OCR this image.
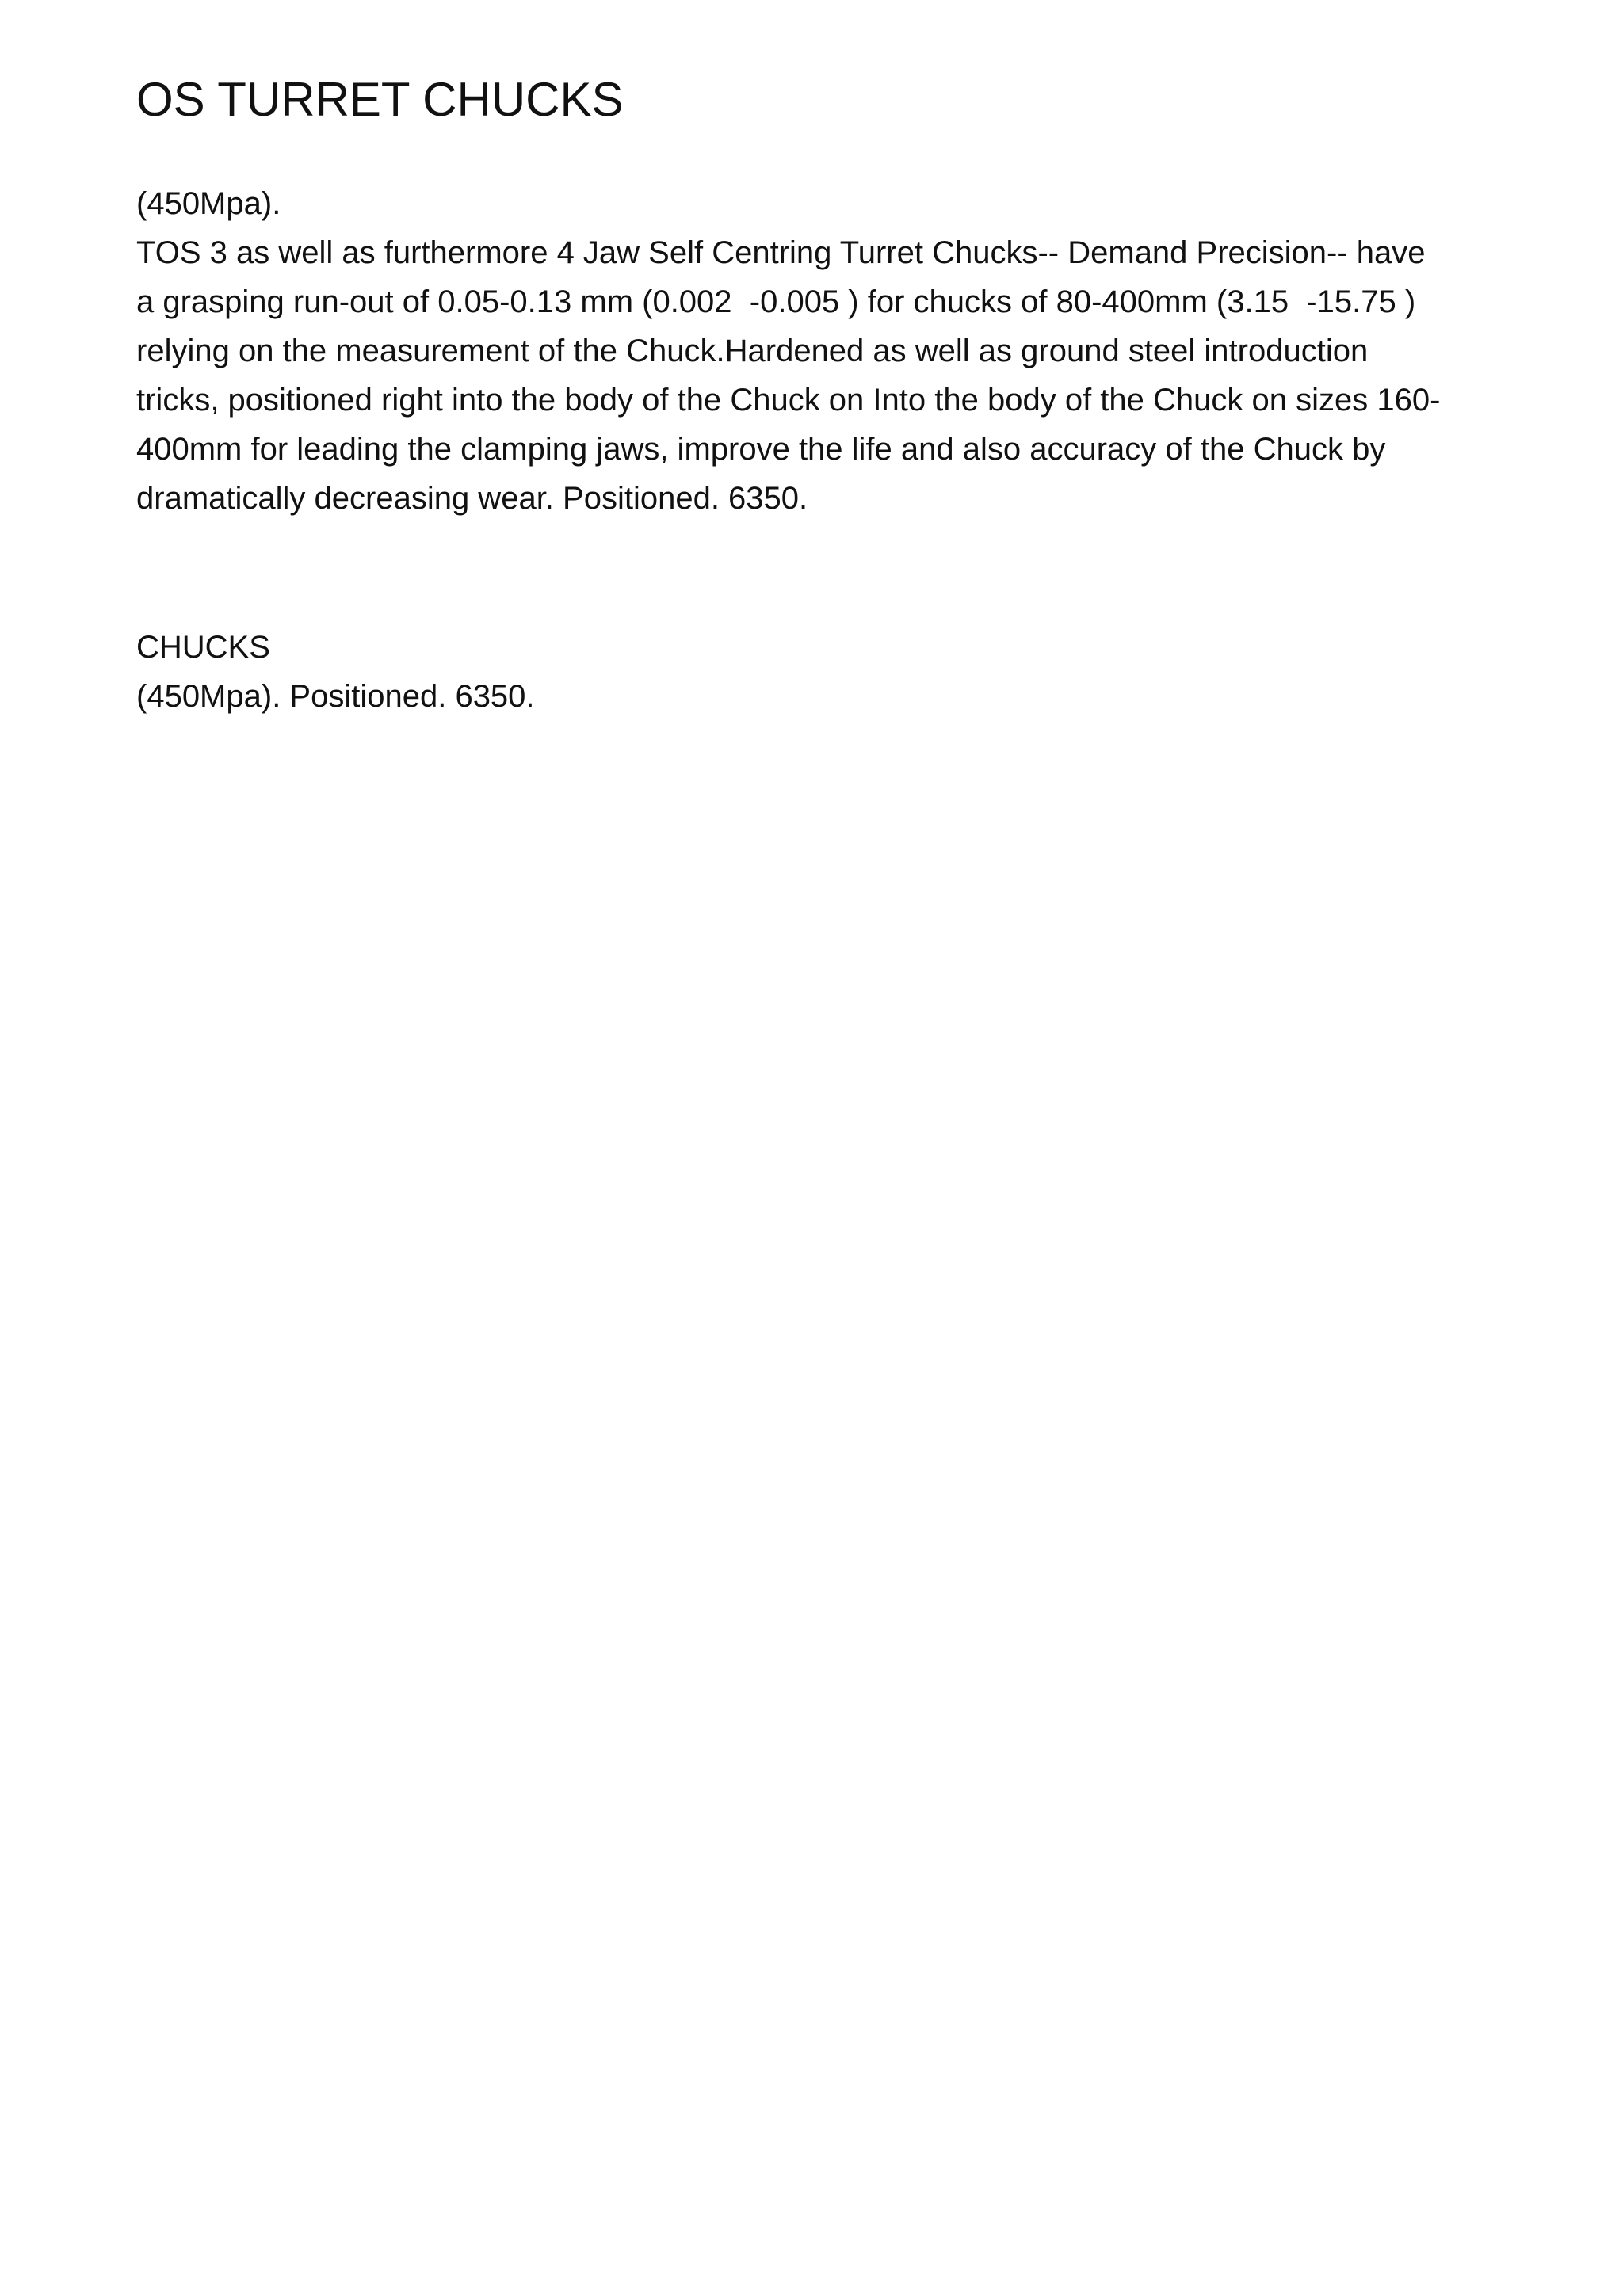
OS TURRET CHUCKS
(450Mpa).
TOS 3 as well as furthermore 4 Jaw Self Centring Turret Chucks-- Demand Precision-- have
a grasping run-out of 0.05-0.13 mm (0.002  -0.005 ) for chucks of 80-400mm (3.15  -15.75 )
relying on the measurement of the Chuck.Hardened as well as ground steel introduction
tricks, positioned right into the body of the Chuck on Into the body of the Chuck on sizes 160-
400mm for leading the clamping jaws, improve the life and also accuracy of the Chuck by
dramatically decreasing wear. Positioned. 6350.
CHUCKS
(450Mpa). Positioned. 6350.
